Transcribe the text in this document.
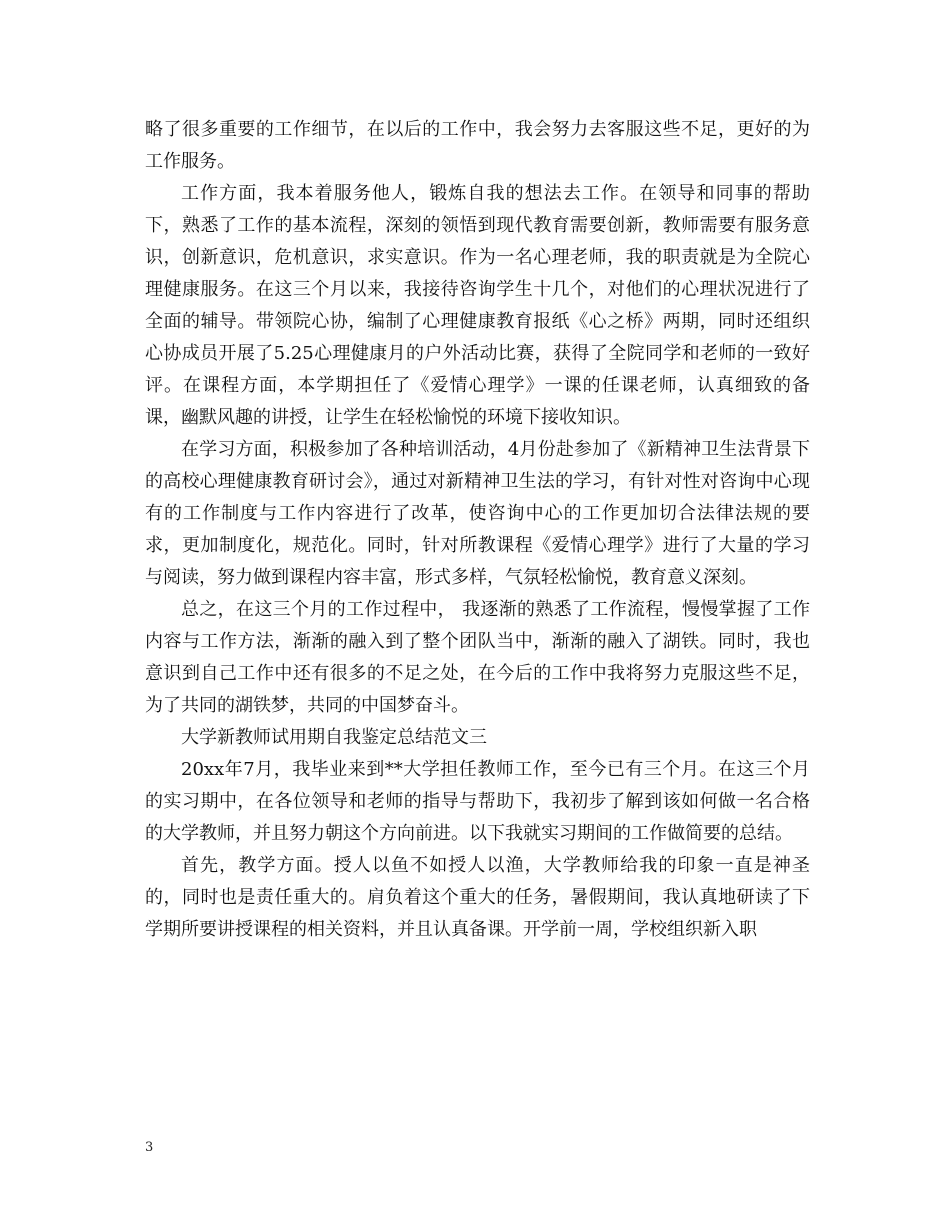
略了很多重要的工作细节，在以后的工作中，我会努力去客服这些不足，更好的为工作服务。

工作方面，我本着服务他人，锻炼自我的想法去工作。在领导和同事的帮助下，熟悉了工作的基本流程，深刻的领悟到现代教育需要创新，教师需要有服务意识，创新意识，危机意识，求实意识。作为一名心理老师，我的职责就是为全院心理健康服务。在这三个月以来，我接待咨询学生十几个，对他们的心理状况进行了全面的辅导。带领院心协，编制了心理健康教育报纸《心之桥》两期，同时还组织心协成员开展了5.25心理健康月的户外活动比赛，获得了全院同学和老师的一致好评。在课程方面，本学期担任了《爱情心理学》一课的任课老师，认真细致的备课，幽默风趣的讲授，让学生在轻松愉悦的环境下接收知识。

在学习方面，积极参加了各种培训活动，4月份赴参加了《新精神卫生法背景下的高校心理健康教育研讨会》，通过对新精神卫生法的学习，有针对性对咨询中心现有的工作制度与工作内容进行了改革，使咨询中心的工作更加切合法律法规的要求，更加制度化，规范化。同时，针对所教课程《爱情心理学》进行了大量的学习与阅读，努力做到课程内容丰富，形式多样，气氛轻松愉悦，教育意义深刻。

总之，在这三个月的工作过程中， 我逐渐的熟悉了工作流程，慢慢掌握了工作内容与工作方法，渐渐的融入到了整个团队当中，渐渐的融入了湖铁。同时，我也意识到自己工作中还有很多的不足之处，在今后的工作中我将努力克服这些不足，为了共同的湖铁梦，共同的中国梦奋斗。

大学新教师试用期自我鉴定总结范文三

20xx年7月，我毕业来到**大学担任教师工作，至今已有三个月。在这三个月的实习期中，在各位领导和老师的指导与帮助下，我初步了解到该如何做一名合格的大学教师，并且努力朝这个方向前进。以下我就实习期间的工作做简要的总结。

首先，教学方面。授人以鱼不如授人以渔，大学教师给我的印象一直是神圣的，同时也是责任重大的。肩负着这个重大的任务，暑假期间，我认真地研读了下学期所要讲授课程的相关资料，并且认真备课。开学前一周，学校组织新入职

3
